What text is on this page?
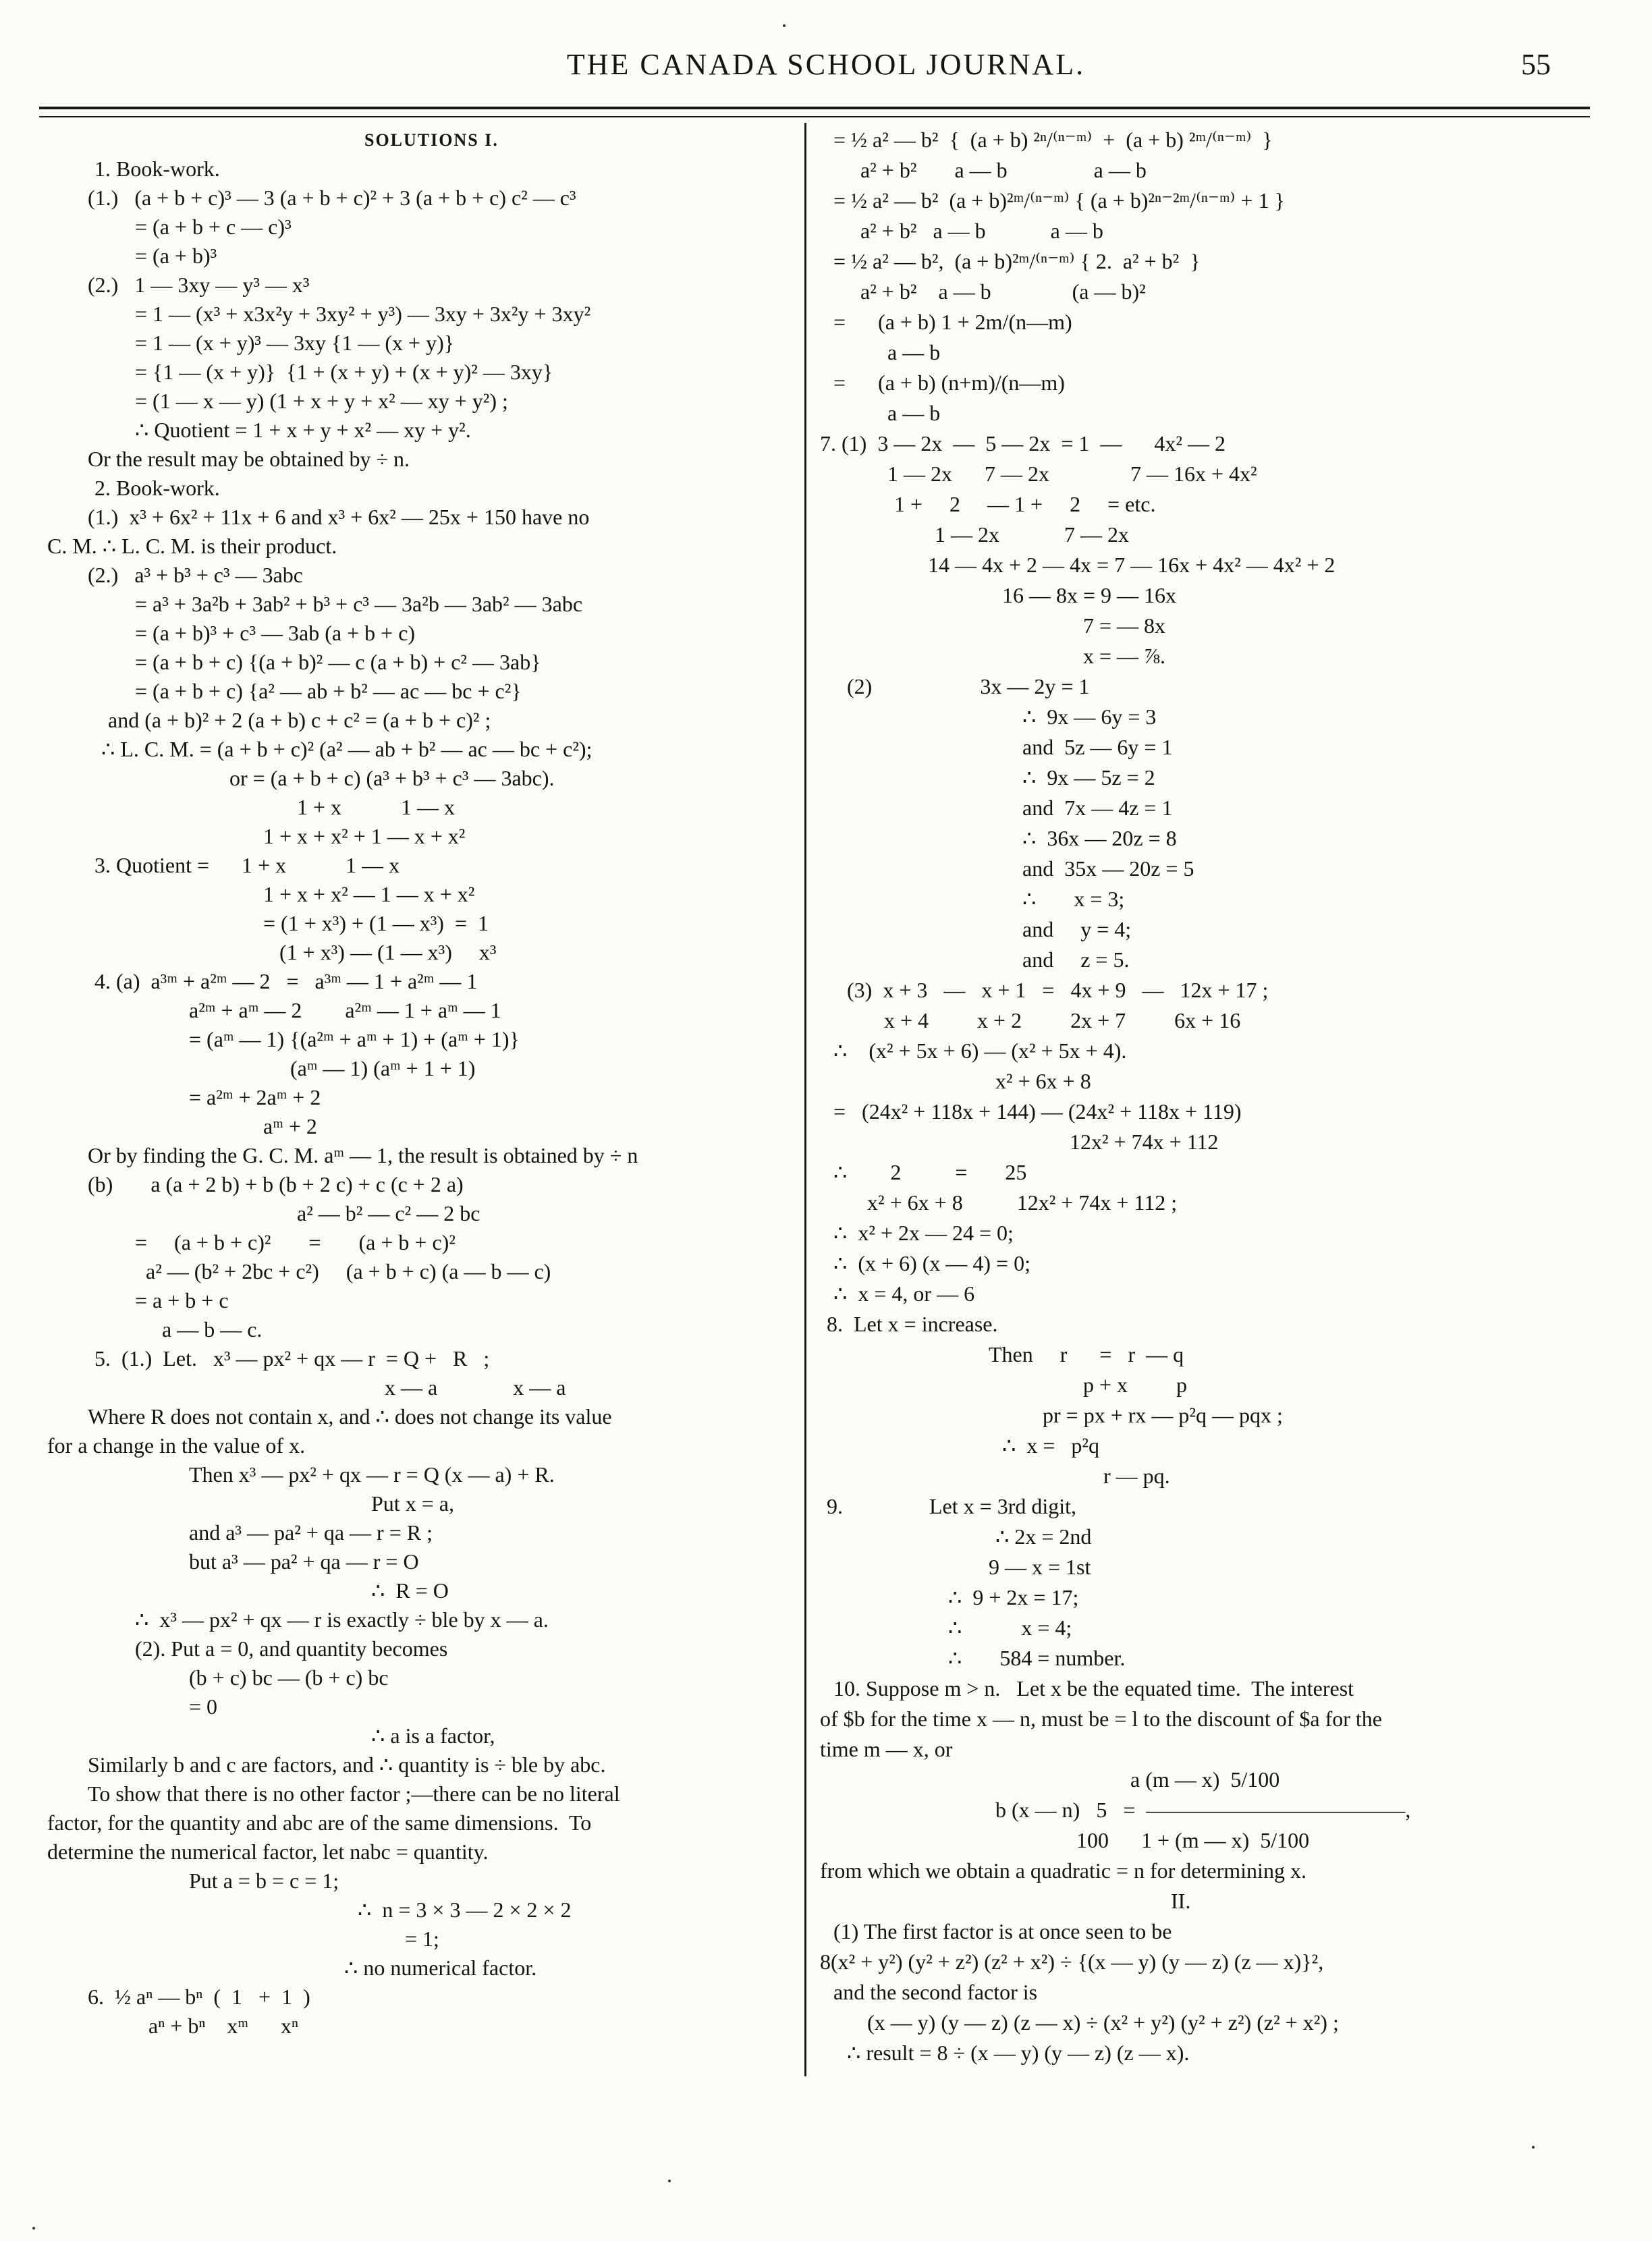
THE CANADA SCHOOL JOURNAL.	55
SOLUTIONS I.
1. Book-work.
(1.)   (a + b + c)³ — 3 (a + b + c)² + 3 (a + b + c) c² — c³
= (a + b + c — c)³
= (a + b)³
(2.)   1 — 3xy — y³ — x³
= 1 — (x³ + x3x²y + 3xy² + y³) — 3xy + 3x²y + 3xy²
= 1 — (x + y)³ — 3xy {1 — (x + y)}
= {1 — (x + y)}  {1 + (x + y) + (x + y)² — 3xy}
= (1 — x — y) (1 + x + y + x² — xy + y²) ;
∴ Quotient = 1 + x + y + x² — xy + y².
Or the result may be obtained by ÷ n.
2. Book-work.
(1.)  x³ + 6x² + 11x + 6 and x³ + 6x² — 25x + 150 have no
C. M. ∴ L. C. M. is their product.
(2.)   a³ + b³ + c³ — 3abc
= a³ + 3a²b + 3ab² + b³ + c³ — 3a²b — 3ab² — 3abc
= (a + b)³ + c³ — 3ab (a + b + c)
= (a + b + c) {(a + b)² — c (a + b) + c² — 3ab}
= (a + b + c) {a² — ab + b² — ac — bc + c²}
and (a + b)² + 2 (a + b) c + c² = (a + b + c)² ;
∴ L. C. M. = (a + b + c)² (a² — ab + b² — ac — bc + c²);
or = (a + b + c) (a³ + b³ + c³ — 3abc).
1 + x           1 — x
1 + x + x² + 1 — x + x²
3. Quotient =      1 + x           1 — x
1 + x + x² — 1 — x + x²
= (1 + x³) + (1 — x³)  =  1
(1 + x³) — (1 — x³)     x³
4. (a)  a³ᵐ + a²ᵐ — 2   =   a³ᵐ — 1 + a²ᵐ — 1
a²ᵐ + aᵐ — 2        a²ᵐ — 1 + aᵐ — 1
= (aᵐ — 1) {(a²ᵐ + aᵐ + 1) + (aᵐ + 1)}
(aᵐ — 1) (aᵐ + 1 + 1)
= a²ᵐ + 2aᵐ + 2
aᵐ + 2
Or by finding the G. C. M. aᵐ — 1, the result is obtained by ÷ n
(b)       a (a + 2 b) + b (b + 2 c) + c (c + 2 a)
a² — b² — c² — 2 bc
=     (a + b + c)²       =       (a + b + c)²
a² — (b² + 2bc + c²)     (a + b + c) (a — b — c)
= a + b + c
a — b — c.
5.  (1.)  Let.   x³ — px² + qx — r  = Q +   R   ;
x — a              x — a
Where R does not contain x, and ∴ does not change its value
for a change in the value of x.
Then x³ — px² + qx — r = Q (x — a) + R.
Put x = a,
and a³ — pa² + qa — r = R ;
but a³ — pa² + qa — r = O
∴  R = O
∴  x³ — px² + qx — r is exactly ÷ ble by x — a.
(2). Put a = 0, and quantity becomes
(b + c) bc — (b + c) bc
= 0
∴ a is a factor,
Similarly b and c are factors, and ∴ quantity is ÷ ble by abc.
To show that there is no other factor ;—there can be no literal
factor, for the quantity and abc are of the same dimensions.  To
determine the numerical factor, let nabc = quantity.
Put a = b = c = 1;
∴  n = 3 × 3 — 2 × 2 × 2
= 1;
∴ no numerical factor.
6.  ½ aⁿ — bⁿ  (  1   +  1  )
aⁿ + bⁿ    xᵐ      xⁿ
= ½ a² — b²  {  (a + b) ²ⁿ/⁽ⁿ⁻ᵐ⁾  +  (a + b) ²ᵐ/⁽ⁿ⁻ᵐ⁾  }
a² + b²       a — b                a — b
= ½ a² — b²  (a + b)²ᵐ/⁽ⁿ⁻ᵐ⁾ { (a + b)²ⁿ⁻²ᵐ/⁽ⁿ⁻ᵐ⁾ + 1 }
a² + b²   a — b            a — b
= ½ a² — b²,  (a + b)²ᵐ/⁽ⁿ⁻ᵐ⁾ { 2.  a² + b²  }
a² + b²    a — b               (a — b)²
=      (a + b) 1 + 2m/(n—m)
a — b
=      (a + b) (n+m)/(n—m)
a — b
7. (1)  3 — 2x  —  5 — 2x  = 1  —      4x² — 2
1 — 2x      7 — 2x               7 — 16x + 4x²
1 +     2     — 1 +     2     = etc.
1 — 2x            7 — 2x
14 — 4x + 2 — 4x = 7 — 16x + 4x² — 4x² + 2
16 — 8x = 9 — 16x
7 = — 8x
x = — ⅞.
(2)                    3x — 2y = 1
∴  9x — 6y = 3
and  5z — 6y = 1
∴  9x — 5z = 2
and  7x — 4z = 1
∴  36x — 20z = 8
and  35x — 20z = 5
∴       x = 3;
and     y = 4;
and     z = 5.
(3)  x + 3   —   x + 1   =   4x + 9   —   12x + 17 ;
x + 4         x + 2         2x + 7         6x + 16
∴    (x² + 5x + 6) — (x² + 5x + 4).
x² + 6x + 8
=   (24x² + 118x + 144) — (24x² + 118x + 119)
12x² + 74x + 112
∴        2          =       25
x² + 6x + 8          12x² + 74x + 112 ;
∴  x² + 2x — 24 = 0;
∴  (x + 6) (x — 4) = 0;
∴  x = 4, or — 6
8.  Let x = increase.
Then     r      =   r  — q
p + x         p
pr = px + rx — p²q — pqx ;
∴  x =   p²q
r — pq.
9.                Let x = 3rd digit,
∴ 2x = 2nd
9 — x = 1st
∴  9 + 2x = 17;
∴           x = 4;
∴       584 = number.
10. Suppose m > n.   Let x be the equated time.  The interest
of $b for the time x — n, must be = l to the discount of $a for the
time m — x, or
a (m — x)  5/100
b (x — n)   5   =  ————————————,
100      1 + (m — x)  5/100
from which we obtain a quadratic = n for determining x.
II.
(1) The first factor is at once seen to be
8(x² + y²) (y² + z²) (z² + x²) ÷ {(x — y) (y — z) (z — x)}²,
and the second factor is
(x — y) (y — z) (z — x) ÷ (x² + y²) (y² + z²) (z² + x²) ;
∴ result = 8 ÷ (x — y) (y — z) (z — x).
